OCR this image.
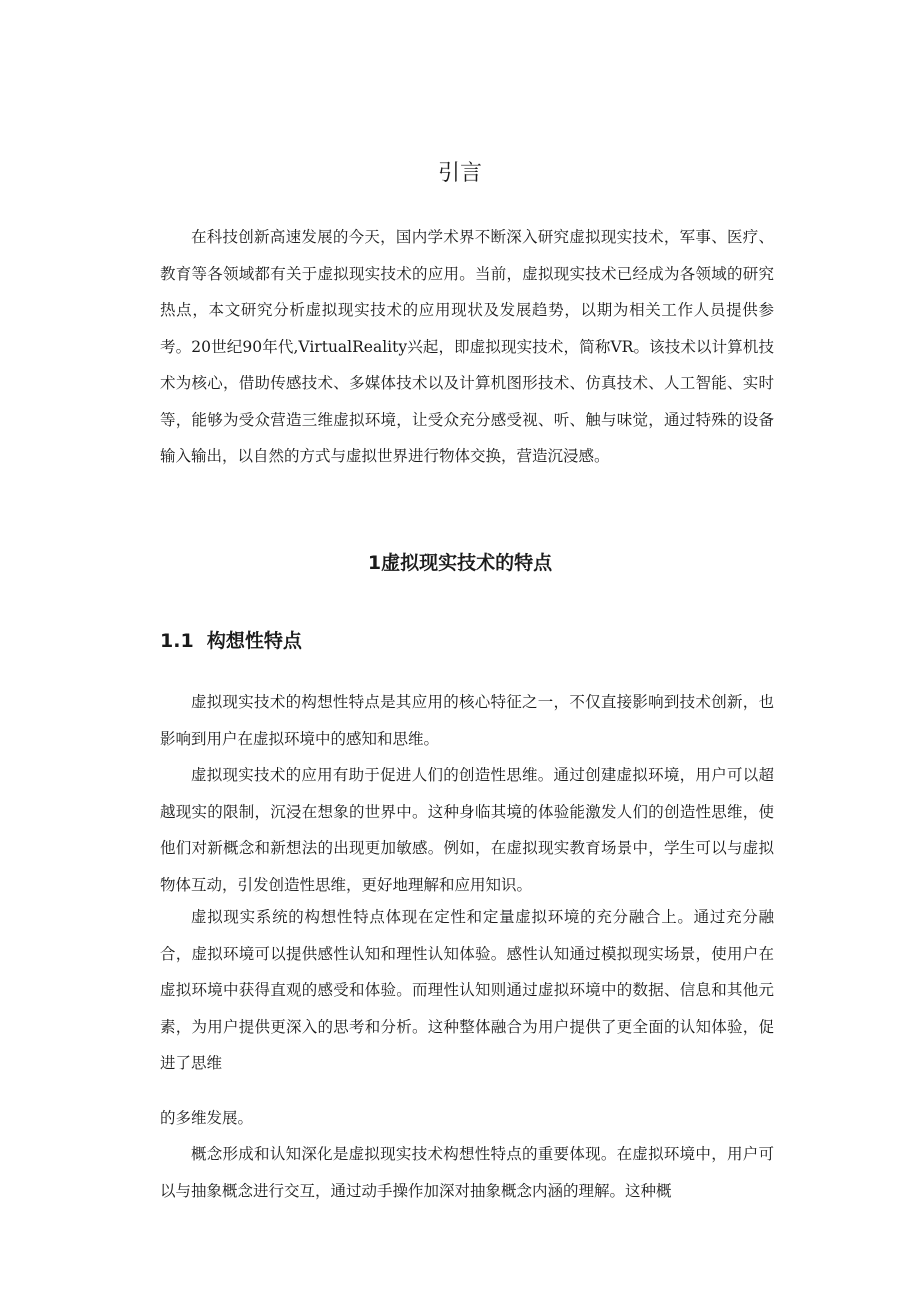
引言

在科技创新高速发展的今天，国内学术界不断深入研究虚拟现实技术，军事、医疗、教育等各领域都有关于虚拟现实技术的应用。当前，虚拟现实技术已经成为各领域的研究热点，本文研究分析虚拟现实技术的应用现状及发展趋势，以期为相关工作人员提供参考。20世纪90年代,VirtualReality兴起，即虚拟现实技术，简称VR。该技术以计算机技术为核心，借助传感技术、多媒体技术以及计算机图形技术、仿真技术、人工智能、实时等，能够为受众营造三维虚拟环境，让受众充分感受视、听、触与味觉，通过特殊的设备输入输出，以自然的方式与虚拟世界进行物体交换，营造沉浸感。

1虚拟现实技术的特点
1.1  构想性特点

虚拟现实技术的构想性特点是其应用的核心特征之一，不仅直接影响到技术创新，也影响到用户在虚拟环境中的感知和思维。

虚拟现实技术的应用有助于促进人们的创造性思维。通过创建虚拟环境，用户可以超越现实的限制，沉浸在想象的世界中。这种身临其境的体验能激发人们的创造性思维，使他们对新概念和新想法的出现更加敏感。例如，在虚拟现实教育场景中，学生可以与虚拟物体互动，引发创造性思维，更好地理解和应用知识。

虚拟现实系统的构想性特点体现在定性和定量虚拟环境的充分融合上。通过充分融合，虚拟环境可以提供感性认知和理性认知体验。感性认知通过模拟现实场景，使用户在虚拟环境中获得直观的感受和体验。而理性认知则通过虚拟环境中的数据、信息和其他元素，为用户提供更深入的思考和分析。这种整体融合为用户提供了更全面的认知体验，促进了思维

的多维发展。

概念形成和认知深化是虚拟现实技术构想性特点的重要体现。在虚拟环境中，用户可以与抽象概念进行交互，通过动手操作加深对抽象概念内涵的理解。这种概
